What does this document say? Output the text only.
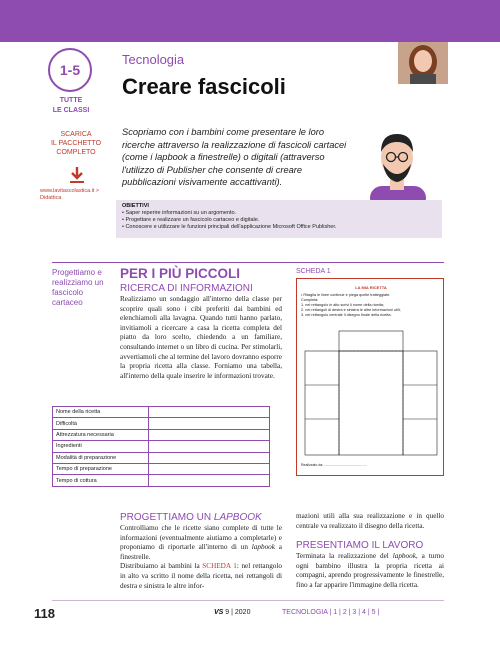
1-5
TUTTE
LE CLASSI
Tecnologia
Creare fascicoli
Marianna Bernardini
Insegnante
SCARICA
IL PACCHETTO
COMPLETO
www.lavitascolastica.it >
Didattica
Scopriamo con i bambini come presentare le loro ricerche attraverso la realizzazione di fascicoli cartacei (come i lapbook a finestrelle) o digitali (attraverso l'utilizzo di Publisher che consente di creare pubblicazioni visivamente accattivanti).
OBIETTIVI
• Saper reperire informazioni su un argomento.
• Progettare e realizzare un fascicolo cartaceo e digitale.
• Conoscere e utilizzare le funzioni principali dell'applicazione Microsoft Office Publisher.
Progettiamo e realizziamo un fascicolo cartaceo
PER I PIÙ PICCOLI
RICERCA DI INFORMAZIONI
Realizziamo un sondaggio all'interno della classe per scoprire quali sono i cibi preferiti dai bambini ed elenchiamoli alla lavagna. Quando tutti hanno parlato, invitiamoli a ricercare a casa la ricetta completa del piatto da loro scelto, chiedendo a un familiare, consultando internet o un libro di cucina. Per stimolarli, avvertiamoli che al termine del lavoro dovranno esporre la propria ricetta alla classe. Forniamo una tabella, all'interno della quale inserire le informazioni trovate.
Nome della ricetta	
Difficoltà	
Attrezzatura necessaria	
Ingredienti	
Modalità di preparazione	
Tempo di preparazione	
Tempo di cottura	
SCHEDA 1
LA MIA RICETTA
• Ritaglia le linee continue e piega quelle tratteggiate.
Completa:
1. nel rettangolo in alto scrivi il nome della ricetta;
2. nei rettangoli di destra e sinistra le altre informazioni utili;
3. nel rettangolo centrale il disegno finale della ricetta.
Realizzato da: ............................................
PROGETTIAMO UN LAPBOOK
Controlliamo che le ricette siano complete di tutte le informazioni (eventualmente aiutiamo a completarle) e proponiamo di riportarle all'interno di un lapbook a finestrelle.
Distribuiamo ai bambini la SCHEDA 1: nel rettangolo in alto va scritto il nome della ricetta, nei rettangoli di destra e sinistra le altre infor-
mazioni utili alla sua realizzazione e in quello centrale va realizzato il disegno della ricetta.
PRESENTIAMO IL LAVORO
Terminata la realizzazione del lapbook, a turno ogni bambino illustra la propria ricetta ai compagni, aprendo progressivamente le finestrelle, fino a far apparire l'immagine della ricetta.
118	VS 9 | 2020	TECNOLOGIA | 1 | 2 | 3 | 4 | 5 |
